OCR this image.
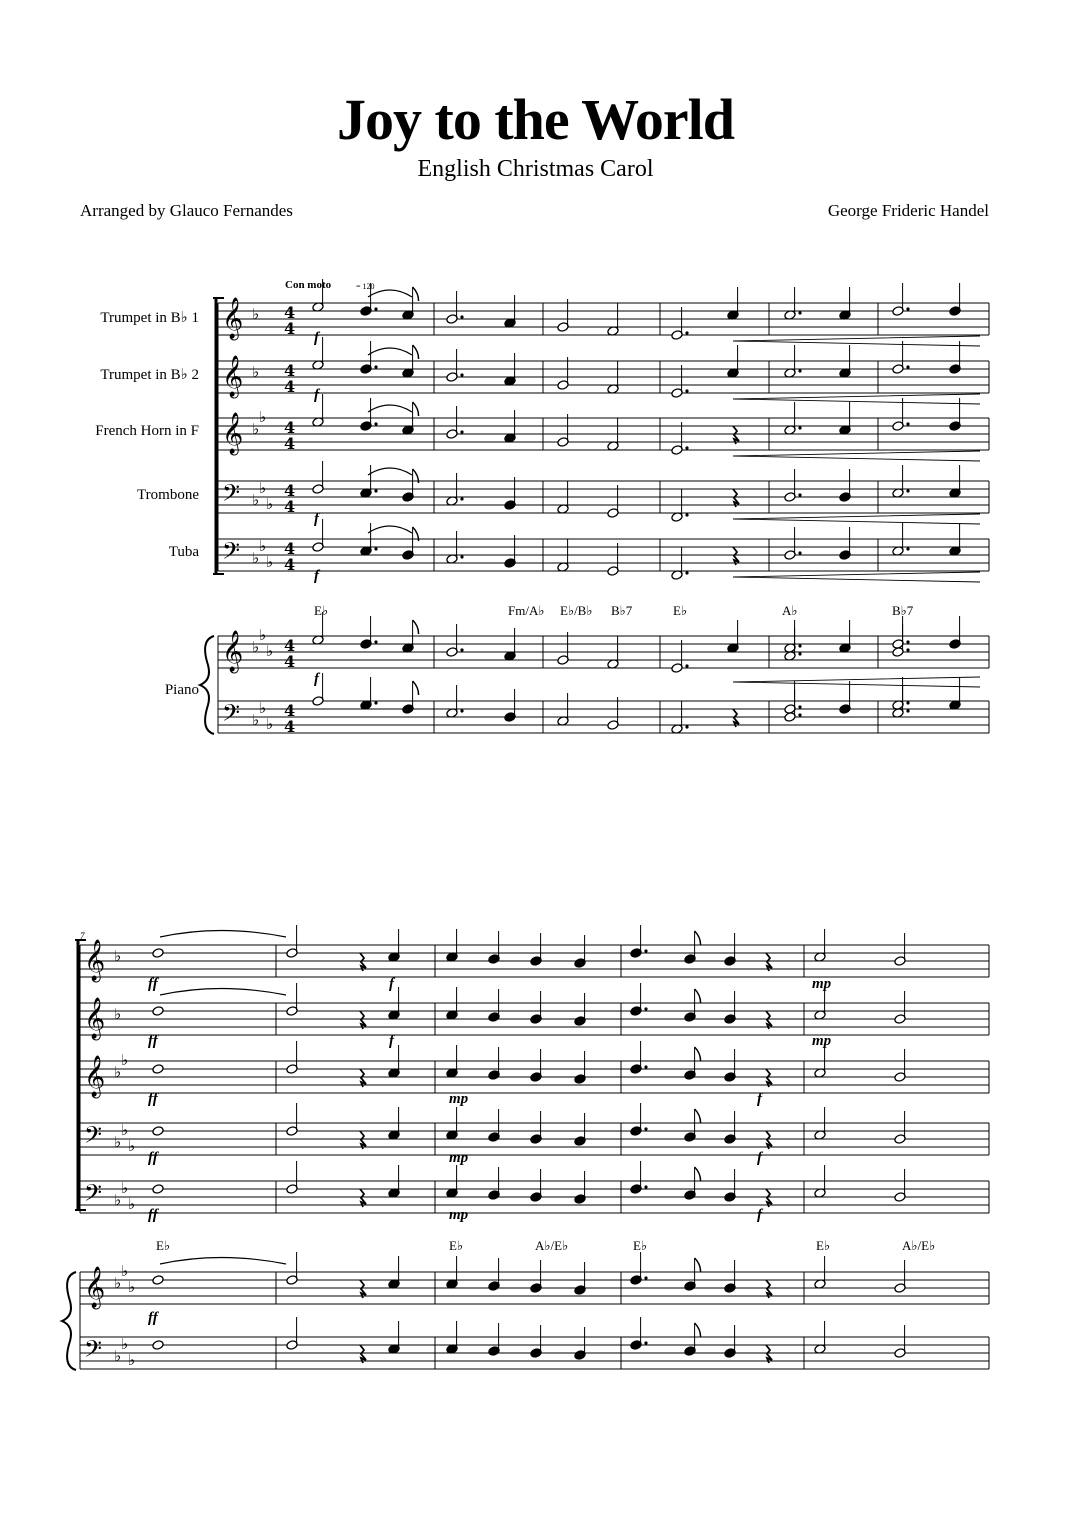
Joy to the World
English Christmas Carol
Arranged by Glauco Fernandes	George Frideric Handel
Con moto	= 120
Trumpet in B♭ 1
Trumpet in B♭ 2
French Horn in F
Trombone
Tuba
Piano
E♭	Fm/A♭ E♭/B♭ B♭7	E♭	A♭	B♭7
f
f
f
f
f
7
E♭	E♭	A♭/E♭	E♭	E♭	A♭/E♭
ff	f	mp
ff	f	mp
ff	mp	f
ff	mp	f
ff	mp	f
ff
𝄞 ♭ 4
4
𝄞 ♭ 4
4
𝄞 ♭
♭
4
4
𝄢 ♭
♭
♭
4
4
𝄢 ♭
♭
♭
4
4
𝄞 ♭
♭
♭ 4
4
𝄢 ♭
♭
♭
4
4
𝄞 ♭
𝄞 ♭
𝄞 ♭
♭
𝄢 ♭
♭
♭
𝄢 ♭
♭
♭
𝄞 ♭
♭
♭
𝄢 ♭
♭
♭
